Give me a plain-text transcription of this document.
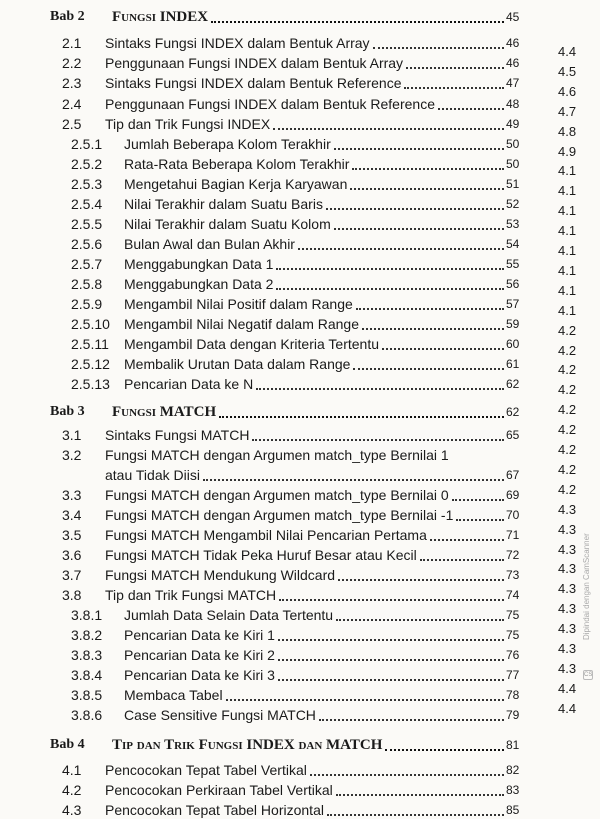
Bab 2 Fungsi INDEX	45
2.1 Sintaks Fungsi INDEX dalam Bentuk Array	46
2.2 Penggunaan Fungsi INDEX dalam Bentuk Array	46
2.3 Sintaks Fungsi INDEX dalam Bentuk Reference	47
2.4 Penggunaan Fungsi INDEX dalam Bentuk Reference	48
2.5 Tip dan Trik Fungsi INDEX	49
2.5.1 Jumlah Beberapa Kolom Terakhir	50
2.5.2 Rata-Rata Beberapa Kolom Terakhir	50
2.5.3 Mengetahui Bagian Kerja Karyawan	51
2.5.4 Nilai Terakhir dalam Suatu Baris	52
2.5.5 Nilai Terakhir dalam Suatu Kolom	53
2.5.6 Bulan Awal dan Bulan Akhir	54
2.5.7 Menggabungkan Data 1	55
2.5.8 Menggabungkan Data 2	56
2.5.9 Mengambil Nilai Positif dalam Range	57
2.5.10 Mengambil Nilai Negatif dalam Range	59
2.5.11 Mengambil Data dengan Kriteria Tertentu	60
2.5.12 Membalik Urutan Data dalam Range	61
2.5.13 Pencarian Data ke N	62
Bab 3 Fungsi MATCH	62
3.1 Sintaks Fungsi MATCH	65
3.2 Fungsi MATCH dengan Argumen match_type Bernilai 1
atau Tidak Diisi	67
3.3 Fungsi MATCH dengan Argumen match_type Bernilai 0	69
3.4 Fungsi MATCH dengan Argumen match_type Bernilai -1	70
3.5 Fungsi MATCH Mengambil Nilai Pencarian Pertama	71
3.6 Fungsi MATCH Tidak Peka Huruf Besar atau Kecil	72
3.7 Fungsi MATCH Mendukung Wildcard	73
3.8 Tip dan Trik Fungsi MATCH	74
3.8.1 Jumlah Data Selain Data Tertentu	75
3.8.2 Pencarian Data ke Kiri 1	75
3.8.3 Pencarian Data ke Kiri 2	76
3.8.4 Pencarian Data ke Kiri 3	77
3.8.5 Membaca Tabel	78
3.8.6 Case Sensitive Fungsi MATCH	79
Bab 4 Tip dan Trik Fungsi INDEX dan MATCH	81
4.1 Pencocokan Tepat Tabel Vertikal	82
4.2 Pencocokan Perkiraan Tabel Vertikal	83
4.3 Pencocokan Tepat Tabel Horizontal	85
4.4
4.5
4.6
4.7
4.8
4.9
4.1
4.1
4.1
4.1
4.1
4.1
4.1
4.1
4.2
4.2
4.2
4.2
4.2
4.2
4.2
4.2
4.2
4.3
4.3
4.3
4.3
4.3
4.3
4.3
4.3
4.3
4.4
4.4
CS
Dipindai dengan CamScanner
